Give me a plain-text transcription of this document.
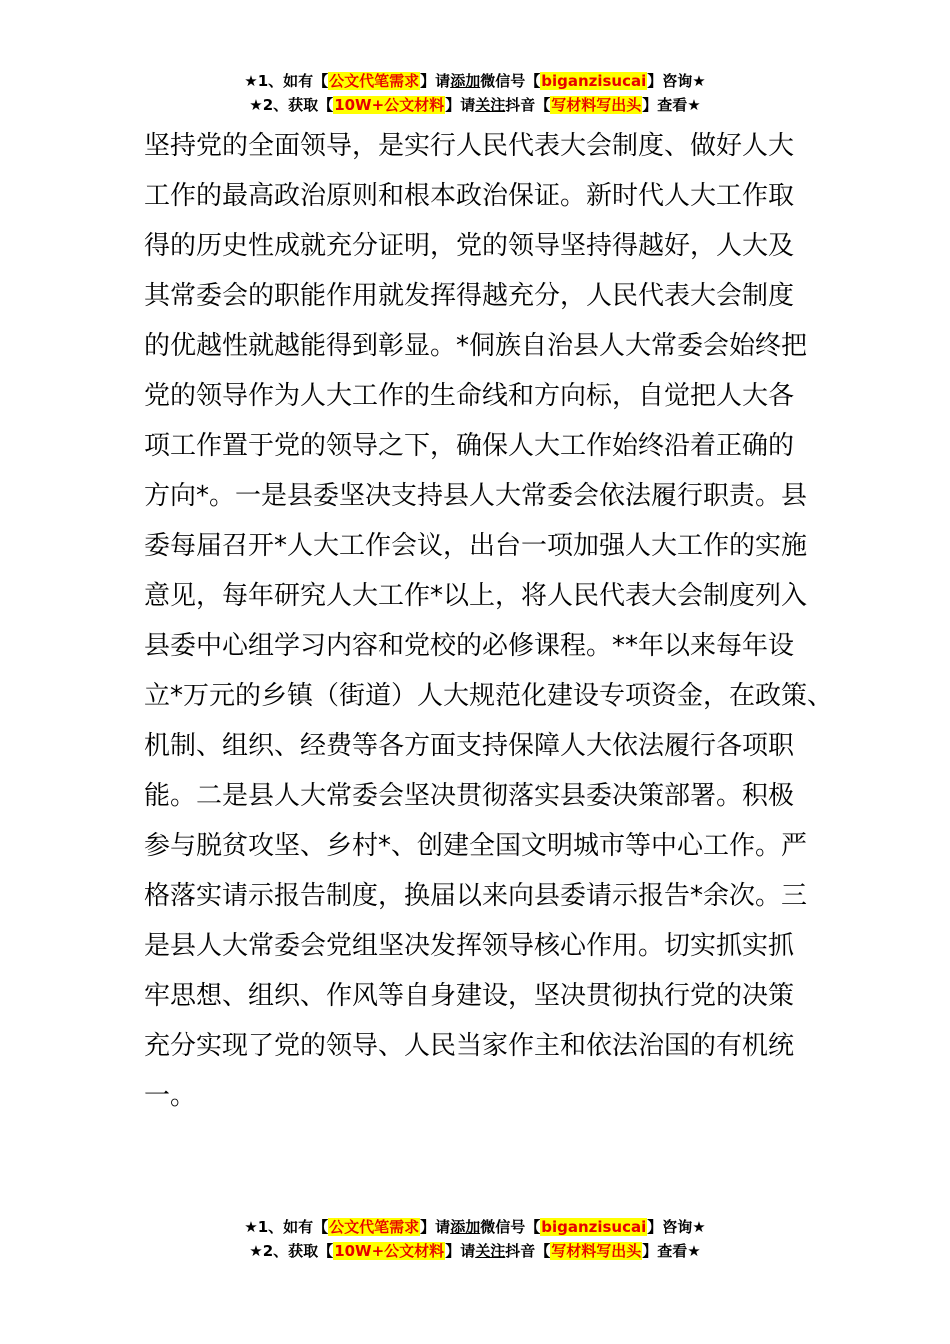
★1、如有【公文代笔需求】请添加微信号【biganzisucai】咨询★
★2、获取【10W+公文材料】请关注抖音【写材料写出头】查看★
坚持党的全面领导，是实行人民代表大会制度、做好人大
工作的最高政治原则和根本政治保证。新时代人大工作取
得的历史性成就充分证明，党的领导坚持得越好，人大及
其常委会的职能作用就发挥得越充分，人民代表大会制度
的优越性就越能得到彰显。*侗族自治县人大常委会始终把
党的领导作为人大工作的生命线和方向标，自觉把人大各
项工作置于党的领导之下，确保人大工作始终沿着正确的
方向*。一是县委坚决支持县人大常委会依法履行职责。县
委每届召开*人大工作会议，出台一项加强人大工作的实施
意见，每年研究人大工作*以上，将人民代表大会制度列入
县委中心组学习内容和党校的必修课程。**年以来每年设
立*万元的乡镇（街道）人大规范化建设专项资金，在政策、
机制、组织、经费等各方面支持保障人大依法履行各项职
能。二是县人大常委会坚决贯彻落实县委决策部署。积极
参与脱贫攻坚、乡村*、创建全国文明城市等中心工作。严
格落实请示报告制度，换届以来向县委请示报告*余次。三
是县人大常委会党组坚决发挥领导核心作用。切实抓实抓
牢思想、组织、作风等自身建设，坚决贯彻执行党的决策
充分实现了党的领导、人民当家作主和依法治国的有机统
一。
★1、如有【公文代笔需求】请添加微信号【biganzisucai】咨询★
★2、获取【10W+公文材料】请关注抖音【写材料写出头】查看★
